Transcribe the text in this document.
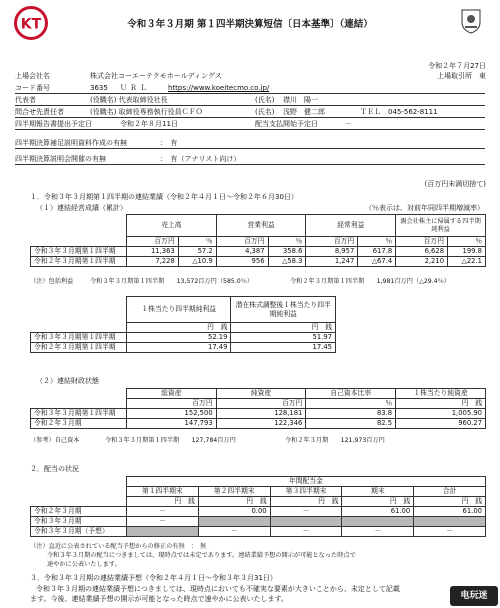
KT	令和３年３月期 第１四半期決算短信〔日本基準〕（連結）
令和２年７月27日
上場会社名	株式会社コーエーテクモホールディングス	上場取引所　東
コード番号	3635 ＵＲＬ	https://www.koeitecmo.co.jp/
代表者	(役職名) 代表取締役社長	(氏名) 襟川　陽一
問合せ先責任者	(役職名) 取締役専務執行役員ＣＦＯ	(氏名) 浅野　健二郎	ＴＥＬ　045-562-8111
四半期報告書提出予定日	令和２年８月11日	配当支払開始予定日	－
四半期決算補足説明資料作成の有無	：　有
四半期決算説明会開催の有無	：　有（アナリスト向け）
(百万円未満切捨て)
１．令和３年３月期第１四半期の連結業績（令和２年４月１日～令和２年６月30日）
（１）連結経営成績（累計）	（％表示は、対前年同四半期増減率）
	売上高		営業利益		経常利益		親会社株主に帰属する四半期純利益	
	百万円	％	百万円	％	百万円	％	百万円	％
令和３年３月期第１四半期	11,363	57.2	4,387	358.6	8,957	617.8	6,628	199.8
令和２年３月期第１四半期	7,228	△10.9	956	△58.3	1,247	△67.4	2,210	△22.1
（注）包括利益	令和３年３月期第１四半期　　13,572百万円（585.0％）	令和２年３月期第１四半期　　1,981百万円（△29.4％）
	１株当たり四半期純利益	潜在株式調整後１株当たり四半期純利益
	円　銭	円　銭
令和３年３月期第１四半期	52.19	51.97
令和２年３月期第１四半期	17.49	17.45
（２）連結財政状態
	総資産	純資産	自己資本比率	１株当たり純資産
	百万円	百万円	％	円　銭
令和３年３月期第１四半期	152,500	128,181	83.8	1,005.90
令和２年３月期	147,793	122,346	82.5	960.27
（参考）自己資本	令和３年３月期第１四半期　　127,784百万円	令和２年３月期　　121,973百万円
２．配当の状況
	年間配当金				
	第１四半期末	第２四半期末	第３四半期末	期末	合計
	円　銭	円　銭	円　銭	円　銭	円　銭
令和２年３月期	－	0.00	－	61.00	61.00
令和３年３月期	－				
令和３年３月期（予想）		－	－	－	－
（注）直近に公表されている配当予想からの修正の有無　：　無
令和３年３月期の配当につきましては、現時点では未定であります。連結業績予想の開示が可能となった時点で
速やかに公表いたします。
３．令和３年３月期の連結業績予想（令和２年４月１日～令和３年３月31日）
令和３年３月期の連結業績予想につきましては、現時点においても不確実な要素が大きいことから、未定として記載
ます。今後、連結業績予想の開示が可能となった時点で速やかに公表いたします。	电玩迷
